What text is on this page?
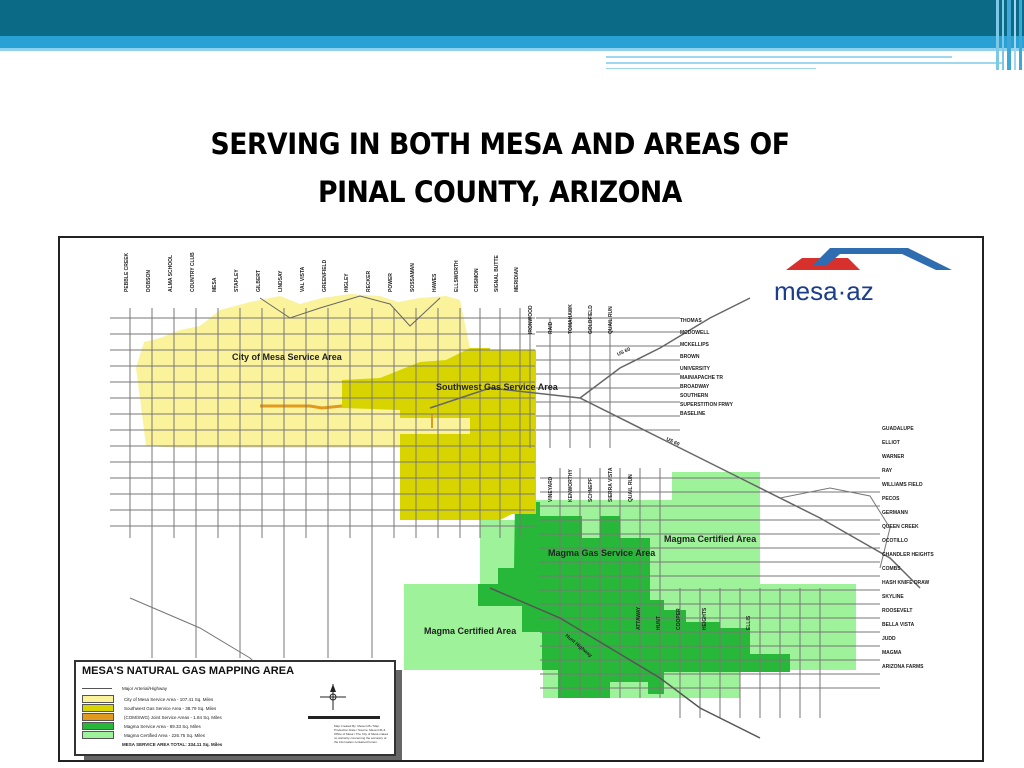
SERVING IN BOTH MESA AND AREAS OF
PINAL COUNTY, ARIZONA
PEBBLE CREEK	DOBSON	ALMA SCHOOL	COUNTRY CLUB	MESA	STAPLEY	GILBERT	LINDSAY	VAL VISTA	GREENFIELD	HIGLEY	RECKER	POWER	SOSSAMAN	HAWES	ELLSWORTH	CRISMON	SIGNAL BUTTE	MERIDIAN
IRONWOOD	RAID	TOMAHAWK	GOLDFIELD	QUAIL RUN
VINEYARD	KENWORTHY	SCHNEPF	SIERRA VISTA	QUAIL RUN
ATTAWAY	HUNT	COOPER	HEIGHTS	ELLIS
THOMAS
MCDOWELL
MCKELLIPS
BROWN
UNIVERSITY
MAIN/APACHE TR
BROADWAY
SOUTHERN
SUPERSTITION FRWY
BASELINE
GUADALUPE
ELLIOT
WARNER
RAY
WILLIAMS FIELD
PECOS
GERMANN
QUEEN CREEK
OCOTILLO
CHANDLER HEIGHTS
COMBS
HASH KNIFE DRAW
SKYLINE
ROOSEVELT
BELLA VISTA
JUDD
MAGMA
ARIZONA FARMS
US 60
US 60
Hunt Highway
City of Mesa Service Area
Southwest Gas Service Area
Magma Gas Service Area
Magma Certified Area
Magma Certified Area
mesa·az
MESA'S NATURAL GAS MAPPING AREA
Major Arterial/Highway
City of Mesa Service Area - 107.41 Sq. Miles
Southwest Gas Service Area - 38.79 Sq. Miles
(COM/SWG) Joint Service Areas - 1.84 Sq. Miles
Magma Service Area - 89.33 Sq. Miles
Magma Certified Area - 226.75 Sq. Miles
MESA SERVICE AREA TOTAL: 334.11 Sq. Miles
Map Created By: Mesa GIS / Map Production Date / Source: Mesa GIS & Office of Mesa / The City of Mesa makes no warranty concerning the accuracy of the information contained herein.
